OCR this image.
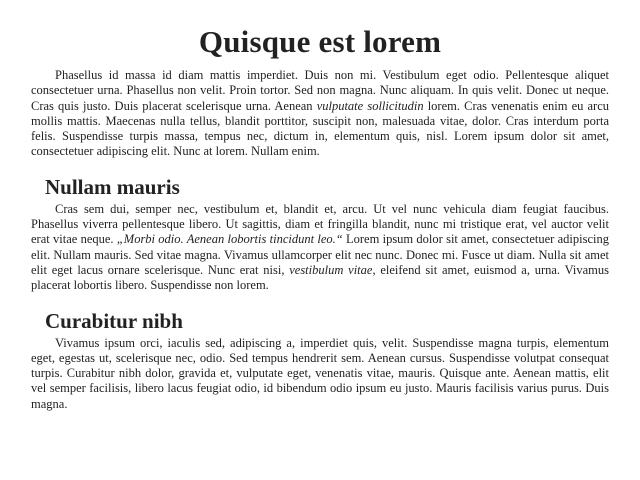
Quisque est lorem

Phasellus id massa id diam mattis imperdiet. Duis non mi. Vestibulum eget odio. Pellentesque aliquet consectetuer urna. Phasellus non velit. Proin tortor. Sed non magna. Nunc aliquam. In quis velit. Donec ut neque. Cras quis justo. Duis placerat scelerisque urna. Aenean vulputate sollicitudin lorem. Cras venenatis enim eu arcu mollis mattis. Maecenas nulla tellus, blandit porttitor, suscipit non, malesuada vitae, dolor. Cras interdum porta felis. Suspendisse turpis massa, tempus nec, dictum in, elementum quis, nisl. Lorem ipsum dolor sit amet, consectetuer adipiscing elit. Nunc at lorem. Nullam enim.

Nullam mauris

Cras sem dui, semper nec, vestibulum et, blandit et, arcu. Ut vel nunc vehicula diam feugiat faucibus. Phasellus viverra pellentesque libero. Ut sagittis, diam et fringilla blandit, nunc mi tristique erat, vel auctor velit erat vitae neque. „Morbi odio. Aenean lobortis tincidunt leo.“ Lorem ipsum dolor sit amet, consectetuer adipiscing elit. Nullam mauris. Sed vitae magna. Vivamus ullamcorper elit nec nunc. Donec mi. Fusce ut diam. Nulla sit amet elit eget lacus ornare scelerisque. Nunc erat nisi, vestibulum vitae, eleifend sit amet, euismod a, urna. Vivamus placerat lobortis libero. Suspendisse non lorem.

Curabitur nibh

Vivamus ipsum orci, iaculis sed, adipiscing a, imperdiet quis, velit. Suspendisse magna turpis, elementum eget, egestas ut, scelerisque nec, odio. Sed tempus hendrerit sem. Aenean cursus. Suspendisse volutpat consequat turpis. Curabitur nibh dolor, gravida et, vulputate eget, venenatis vitae, mauris. Quisque ante. Aenean mattis, elit vel semper facilisis, libero lacus feugiat odio, id bibendum odio ipsum eu justo. Mauris facilisis varius purus. Duis magna.
